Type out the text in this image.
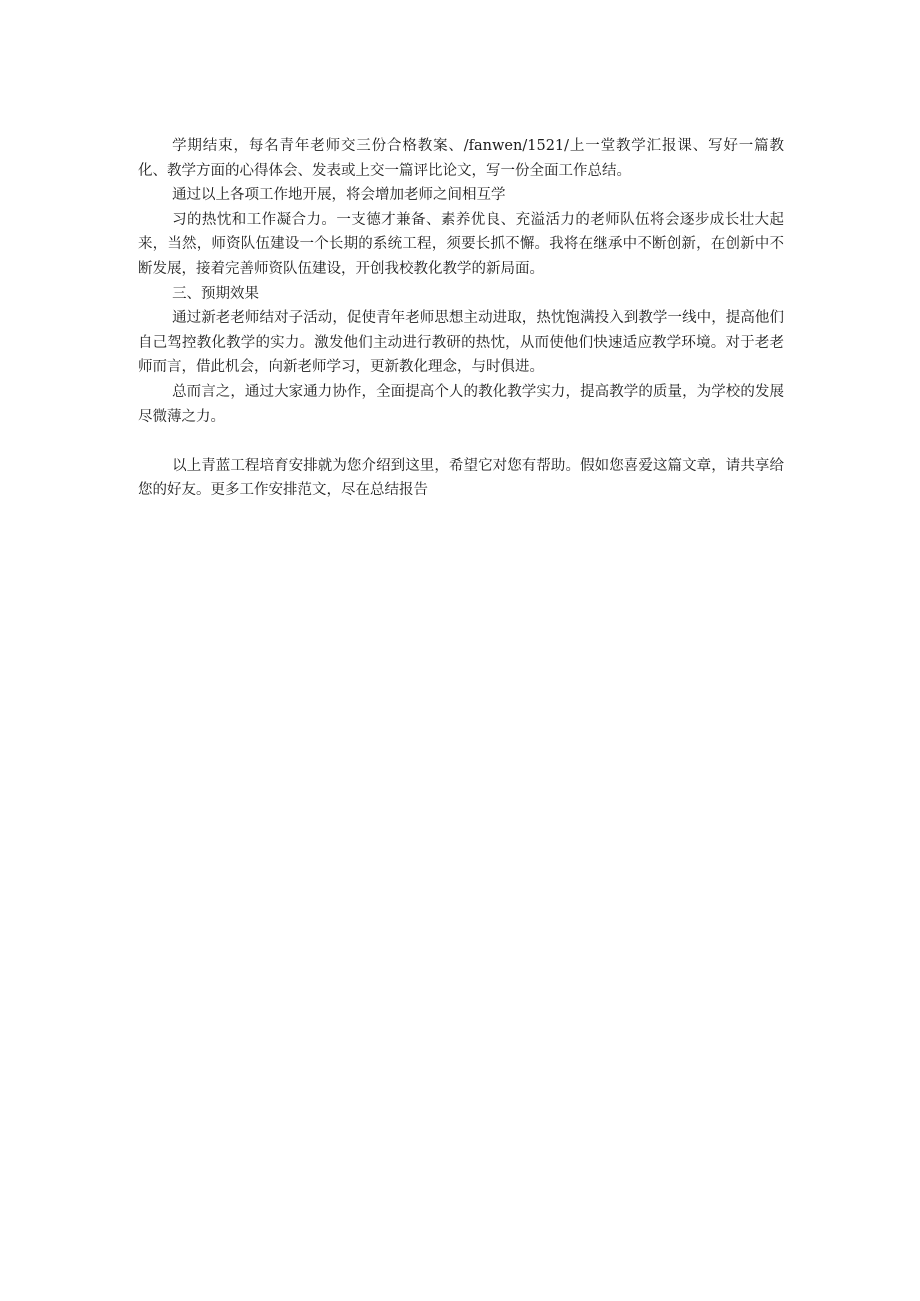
学期结束，每名青年老师交三份合格教案、/fanwen/1521/上一堂教学汇报课、写好一篇教化、教学方面的心得体会、发表或上交一篇评比论文，写一份全面工作总结。

通过以上各项工作地开展，将会增加老师之间相互学

习的热忱和工作凝合力。一支德才兼备、素养优良、充溢活力的老师队伍将会逐步成长壮大起来，当然，师资队伍建设一个长期的系统工程，须要长抓不懈。我将在继承中不断创新，在创新中不断发展，接着完善师资队伍建设，开创我校教化教学的新局面。

三、预期效果

通过新老老师结对子活动，促使青年老师思想主动进取，热忱饱满投入到教学一线中，提高他们自己驾控教化教学的实力。激发他们主动进行教研的热忱，从而使他们快速适应教学环境。对于老老师而言，借此机会，向新老师学习，更新教化理念，与时俱进。

总而言之，通过大家通力协作，全面提高个人的教化教学实力，提高教学的质量，为学校的发展尽微薄之力。

以上青蓝工程培育安排就为您介绍到这里，希望它对您有帮助。假如您喜爱这篇文章，请共享给您的好友。更多工作安排范文，尽在总结报告
